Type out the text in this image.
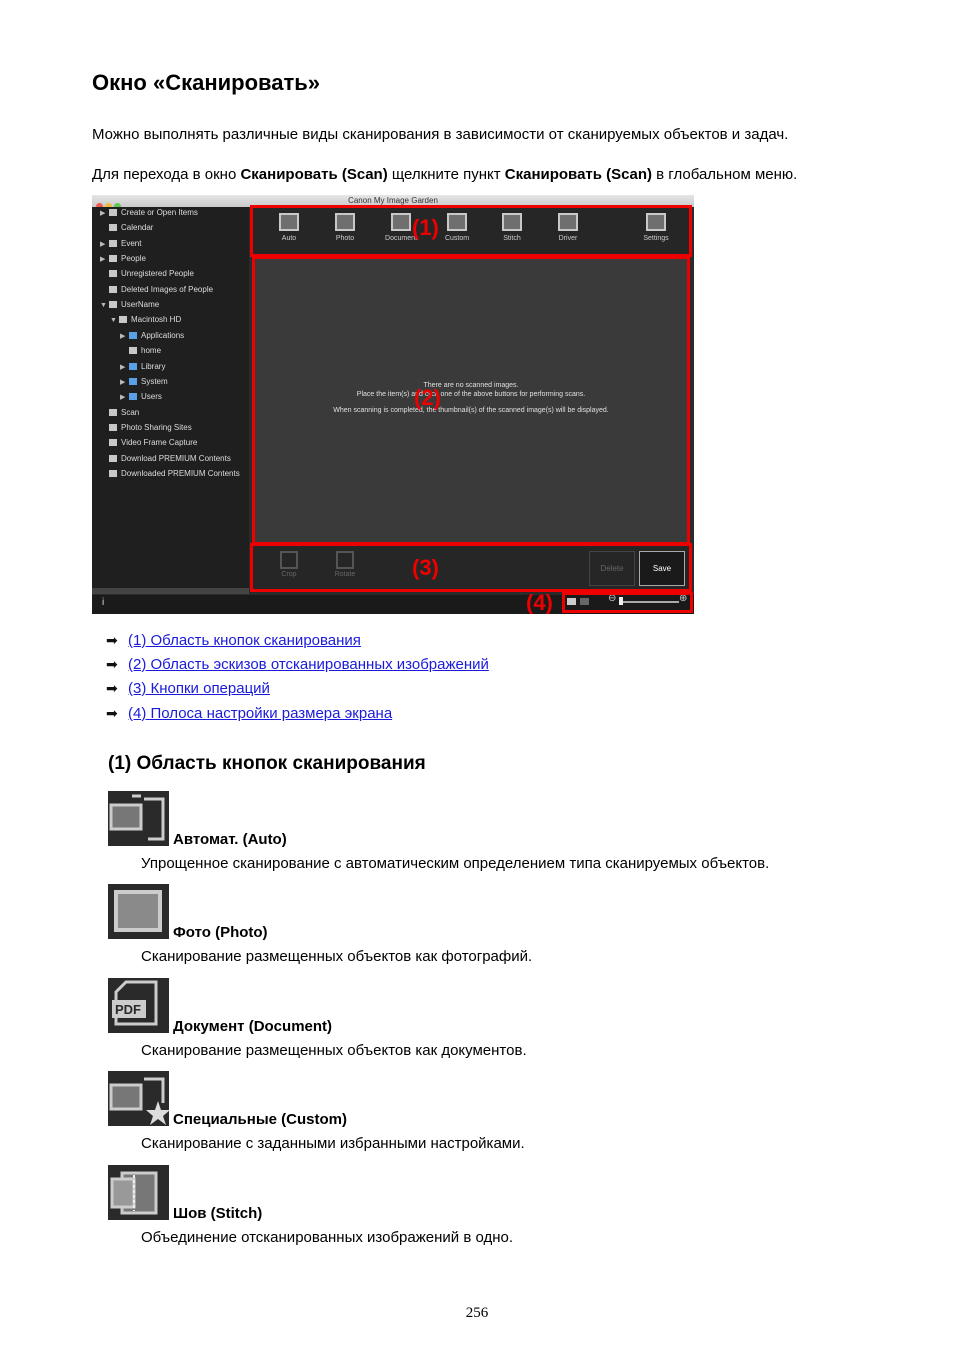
Окно «Сканировать»

Можно выполнять различные виды сканирования в зависимости от сканируемых объектов и задач.

Для перехода в окно Сканировать (Scan) щелкните пункт Сканировать (Scan) в глобальном меню.

Canon My Image Garden
▶ Create or Open Items
Calendar
▶ Event
▶ People
Unregistered People
Deleted Images of People
▼ UserName
▼ Macintosh HD
▶ Applications
home
▶ Library
▶ System
▶ Users
Scan
Photo Sharing Sites
Video Frame Capture
Download PREMIUM Contents
Downloaded PREMIUM Contents
Auto	Photo	Document	Custom	Stitch	Driver	Settings
There are no scanned images.
Place the item(s) and click one of the above buttons for performing scans.
When scanning is completed, the thumbnail(s) of the scanned image(s) will be displayed.
Crop	Rotate
Delete	Save
i	⊖	⊕
(1)
(2)
(3)
(4)
➡ (1) Область кнопок сканирования
➡ (2) Область эскизов отсканированных изображений
➡ (3) Кнопки операций
➡ (4) Полоса настройки размера экрана
(1) Область кнопок сканирования
Автомат. (Auto)
Упрощенное сканирование с автоматическим определением типа сканируемых объектов.
Фото (Photo)
Сканирование размещенных объектов как фотографий.
PDF
Документ (Document)
Сканирование размещенных объектов как документов.
Специальные (Custom)
Сканирование с заданными избранными настройками.
Шов (Stitch)
Объединение отсканированных изображений в одно.
256
